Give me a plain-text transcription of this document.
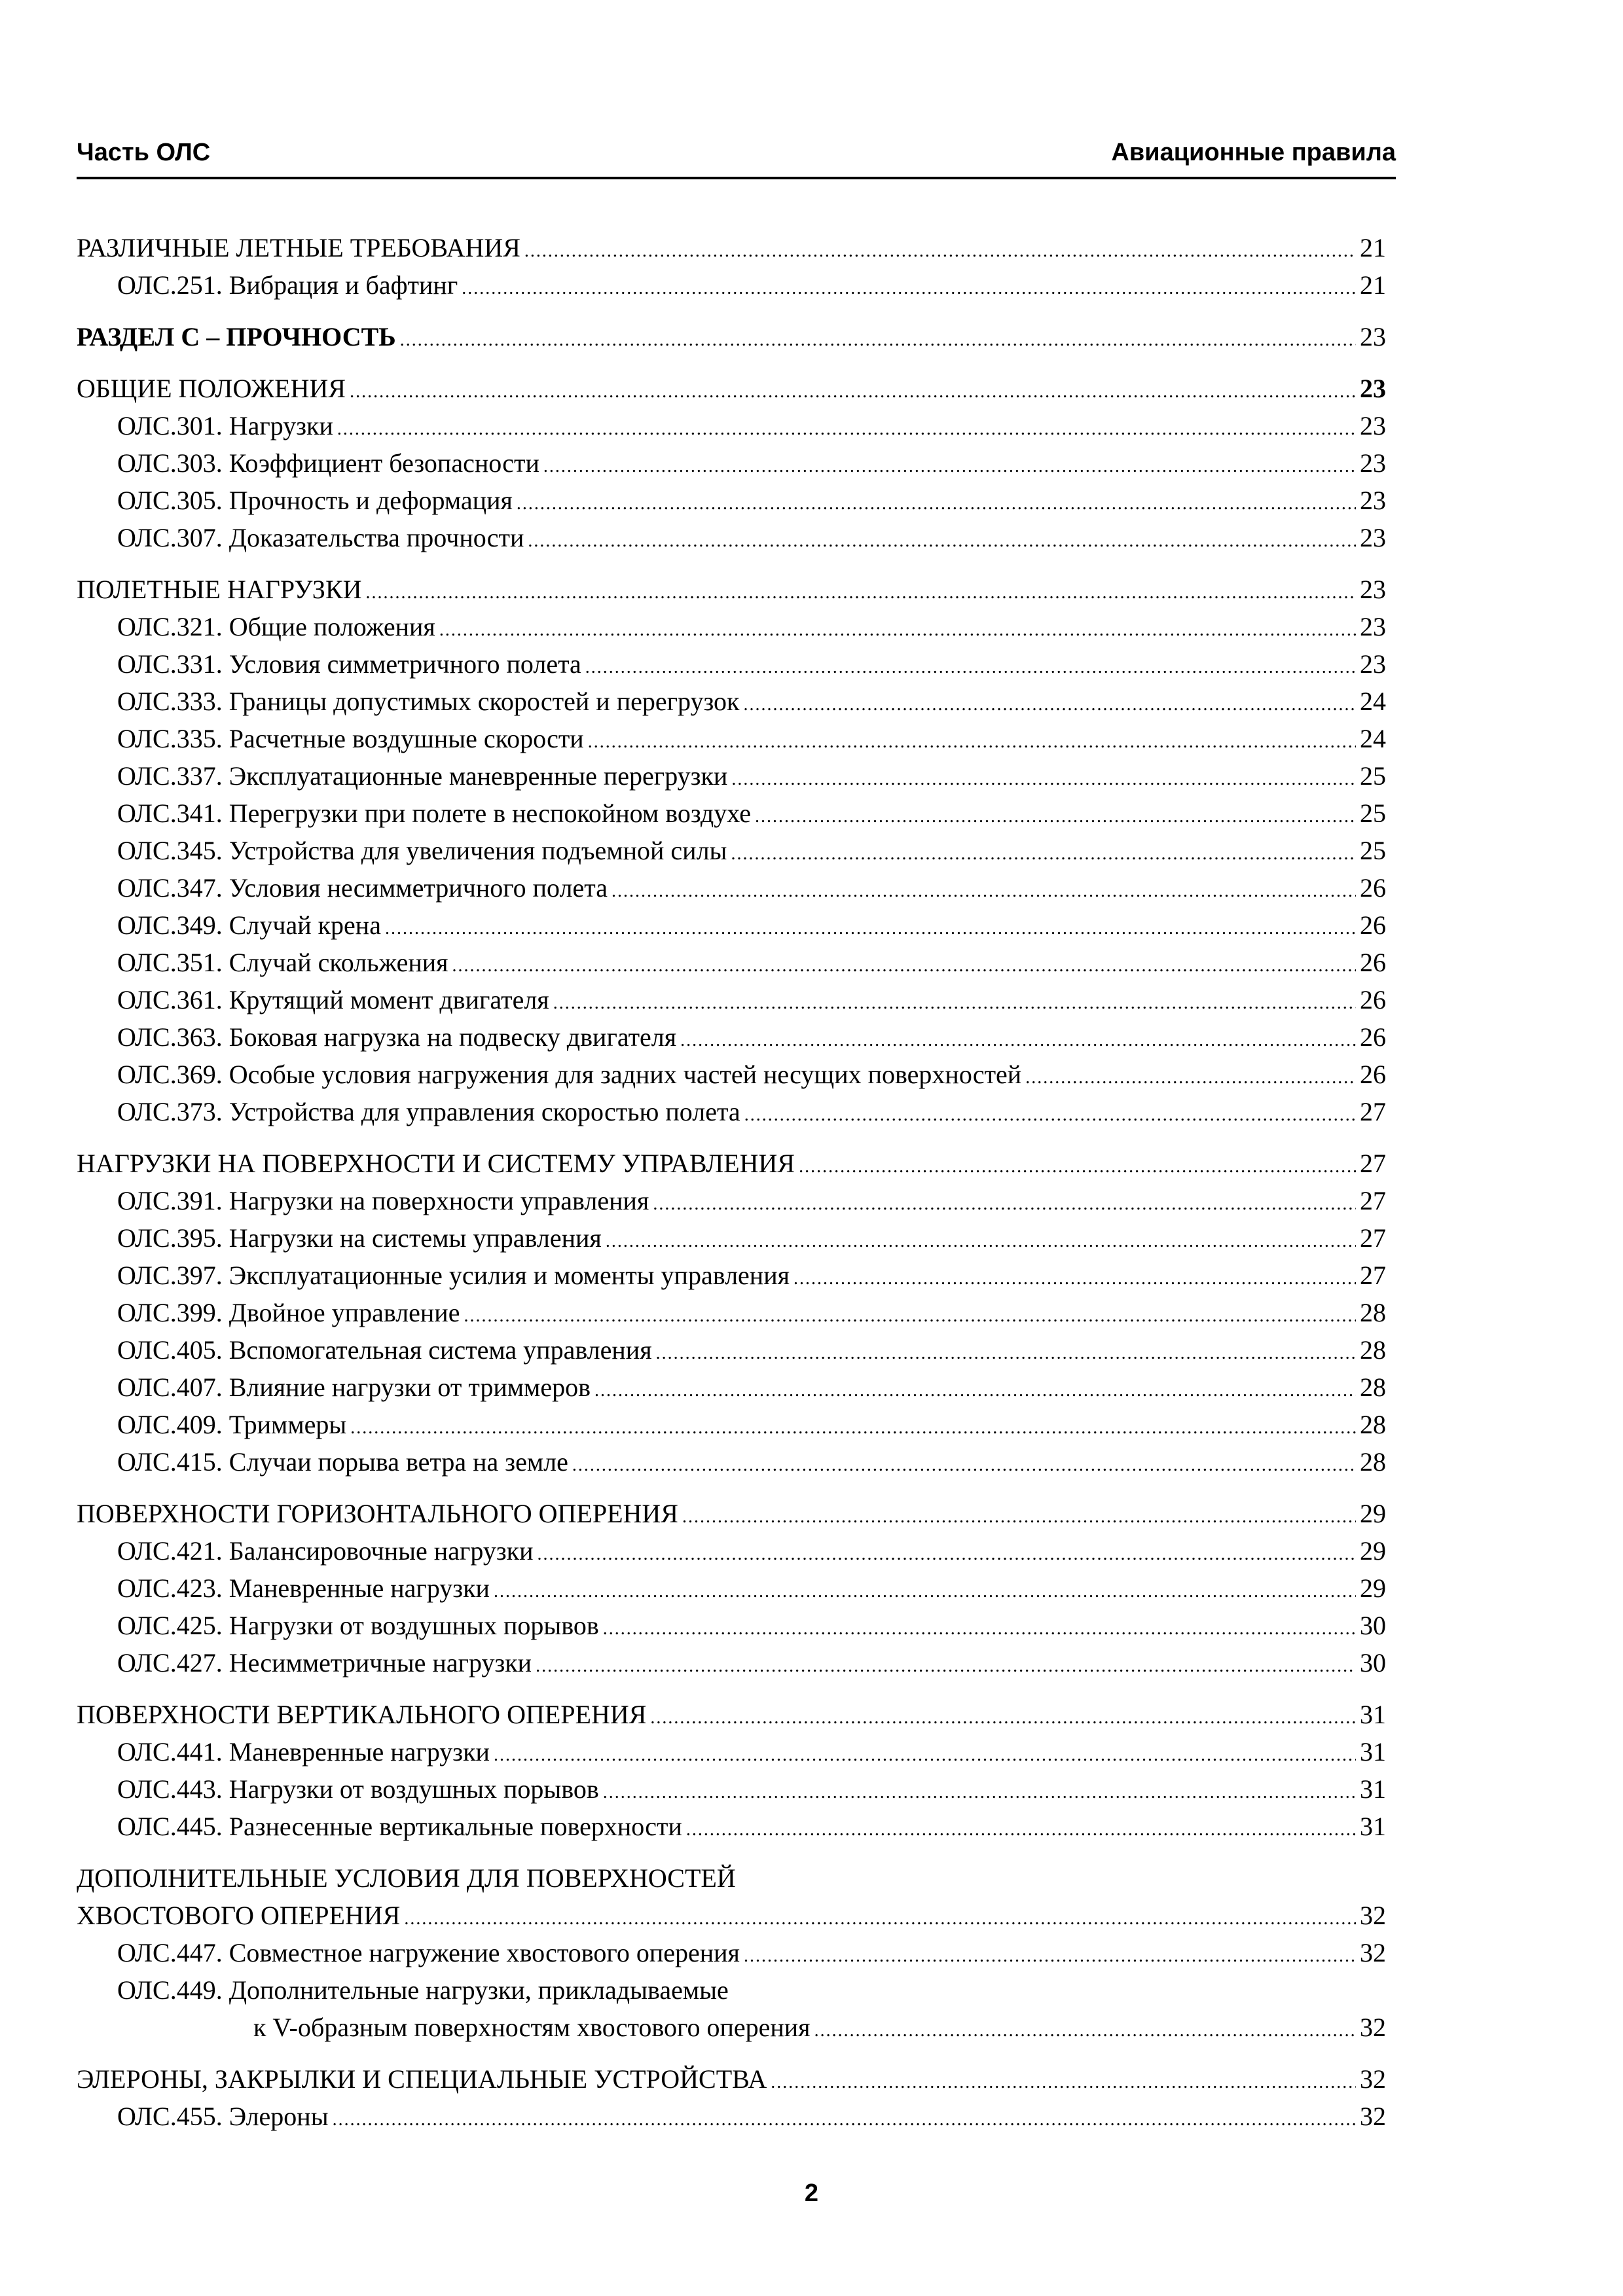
Часть ОЛС	Авиационные правила
РАЗЛИЧНЫЕ ЛЕТНЫЕ ТРЕБОВАНИЯ .....	21
ОЛС.251. Вибрация и бафтинг .....	21
РАЗДЕЛ С – ПРОЧНОСТЬ .....	23
ОБЩИЕ ПОЛОЖЕНИЯ .....	23
ОЛС.301. Нагрузки .....	23
ОЛС.303. Коэффициент безопасности .....	23
ОЛС.305. Прочность и деформация .....	23
ОЛС.307. Доказательства прочности .....	23
ПОЛЕТНЫЕ НАГРУЗКИ .....	23
ОЛС.321. Общие положения .....	23
ОЛС.331. Условия симметричного полета .....	23
ОЛС.333. Границы допустимых скоростей и перегрузок .....	24
ОЛС.335. Расчетные воздушные скорости .....	24
ОЛС.337. Эксплуатационные маневренные перегрузки .....	25
ОЛС.341. Перегрузки при полете в неспокойном воздухе .....	25
ОЛС.345. Устройства для увеличения подъемной силы .....	25
ОЛС.347. Условия несимметричного полета .....	26
ОЛС.349. Случай крена .....	26
ОЛС.351. Случай скольжения .....	26
ОЛС.361. Крутящий момент двигателя .....	26
ОЛС.363. Боковая нагрузка на подвеску двигателя .....	26
ОЛС.369. Особые условия нагружения для задних частей несущих поверхностей .....	26
ОЛС.373. Устройства для управления скоростью полета .....	27
НАГРУЗКИ НА ПОВЕРХНОСТИ И СИСТЕМУ УПРАВЛЕНИЯ .....	27
ОЛС.391. Нагрузки на поверхности управления .....	27
ОЛС.395. Нагрузки на системы управления .....	27
ОЛС.397. Эксплуатационные усилия и моменты управления .....	27
ОЛС.399. Двойное управление .....	28
ОЛС.405. Вспомогательная система управления .....	28
ОЛС.407. Влияние нагрузки от триммеров .....	28
ОЛС.409. Триммеры .....	28
ОЛС.415. Случаи порыва ветра на земле .....	28
ПОВЕРХНОСТИ ГОРИЗОНТАЛЬНОГО ОПЕРЕНИЯ .....	29
ОЛС.421. Балансировочные нагрузки .....	29
ОЛС.423. Маневренные нагрузки .....	29
ОЛС.425. Нагрузки от воздушных порывов .....	30
ОЛС.427. Несимметричные нагрузки .....	30
ПОВЕРХНОСТИ ВЕРТИКАЛЬНОГО ОПЕРЕНИЯ .....	31
ОЛС.441. Маневренные нагрузки .....	31
ОЛС.443. Нагрузки от воздушных порывов .....	31
ОЛС.445. Разнесенные вертикальные поверхности .....	31
ДОПОЛНИТЕЛЬНЫЕ УСЛОВИЯ ДЛЯ ПОВЕРХНОСТЕЙ
ХВОСТОВОГО ОПЕРЕНИЯ .....	32
ОЛС.447. Совместное нагружение хвостового оперения .....	32
ОЛС.449. Дополнительные нагрузки, прикладываемые
к V-образным поверхностям хвостового оперения .....	32
ЭЛЕРОНЫ, ЗАКРЫЛКИ И СПЕЦИАЛЬНЫЕ УСТРОЙСТВА .....	32
ОЛС.455. Элероны .....	32
2
